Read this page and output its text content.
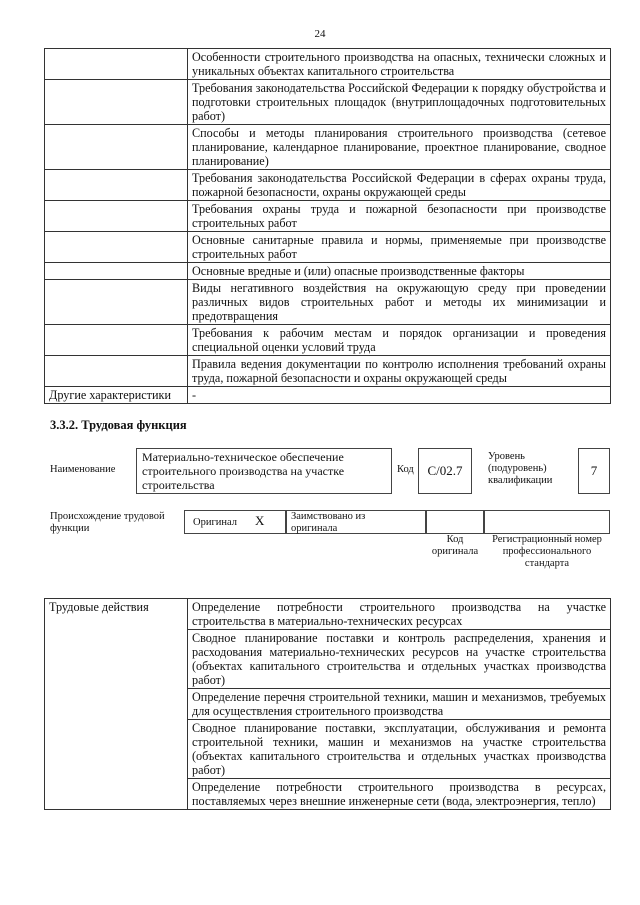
24
	Особенности строительного производства на опасных, технически сложных и уникальных объектах капитального строительства
	Требования законодательства Российской Федерации к порядку обустройства и подготовки строительных площадок (внутриплощадочных подготовительных работ)
	Способы и методы планирования строительного производства (сетевое планирование, календарное планирование, проектное планирование, сводное планирование)
	Требования законодательства Российской Федерации в сферах охраны труда, пожарной безопасности, охраны окружающей среды
	Требования охраны труда и пожарной безопасности при производстве строительных работ
	Основные санитарные правила и нормы, применяемые при производстве строительных работ
	Основные вредные и (или) опасные производственные факторы
	Виды негативного воздействия на окружающую среду при проведении различных видов строительных работ и методы их минимизации и предотвращения
	Требования к рабочим местам и порядок организации и проведения специальной оценки условий труда
	Правила ведения документации по контролю исполнения требований охраны труда, пожарной безопасности и охраны окружающей среды
Другие характеристики	-
3.3.2. Трудовая функция
Наименование
Материально-техническое обеспечение строительного производства на участке строительства
Код	С/02.7
Уровень (подуровень) квалификации
7
Происхождение трудовой функции
Оригинал X	Заимствовано из оригинала
Код оригинала
Регистрационный номер профессионального стандарта
Трудовые действия	Определение потребности строительного производства на участке строительства в материально-технических ресурсах
Сводное планирование поставки и контроль распределения, хранения и расходования материально-технических ресурсов на участке строительства (объектах капитального строительства и отдельных участках производства работ)
Определение перечня строительной техники, машин и механизмов, требуемых для осуществления строительного производства
Сводное планирование поставки, эксплуатации, обслуживания и ремонта строительной техники, машин и механизмов на участке строительства (объектах капитального строительства и отдельных участках производства работ)
Определение потребности строительного производства в ресурсах, поставляемых через внешние инженерные сети (вода, электроэнергия, тепло)
